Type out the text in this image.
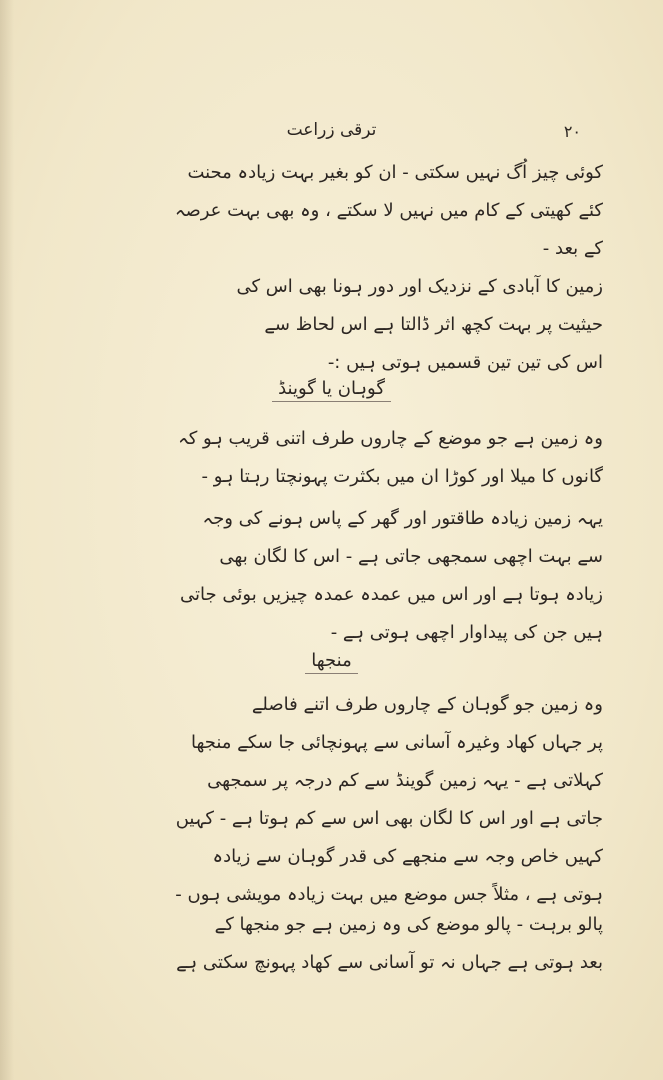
۲۰
ترقی زراعت
کوئی چیز اُگ نہیں سکتی - ان کو بغیر بہت زیادہ محنت
کئے کھیتی کے کام میں نہیں لا سکتے ، وہ بھی بہت عرصہ
کے بعد -
زمین کا آبادی کے نزدیک اور دور ہونا بھی اس کی
حیثیت پر بہت کچھ اثر ڈالتا ہے اس لحاظ سے
اس کی تین تین قسمیں ہوتی ہیں :-
گوہان یا گوینڈ
وہ زمین ہے جو موضع کے چاروں طرف اتنی قریب ہو کہ
گانوں کا میلا اور کوڑا ان میں بکثرت پہونچتا رہتا ہو -
یہہ زمین زیادہ طاقتور اور گھر کے پاس ہونے کی وجہ
سے بہت اچھی سمجھی جاتی ہے - اس کا لگان بھی
زیادہ ہوتا ہے اور اس میں عمدہ عمدہ چیزیں بوئی جاتی
ہیں جن کی پیداوار اچھی ہوتی ہے -
منجھا
وہ زمین جو گوہان کے چاروں طرف اتنے فاصلے
پر جہاں کھاد وغیرہ آسانی سے پہونچائی جا سکے منجھا
کہلاتی ہے - یہہ زمین گوینڈ سے کم درجہ پر سمجھی
جاتی ہے اور اس کا لگان بھی اس سے کم ہوتا ہے - کہیں
کہیں خاص وجہ سے منجھے کی قدر گوہان سے زیادہ
ہوتی ہے ، مثلاً جس موضع میں بہت زیادہ مویشی ہوں -
پالو برہت - پالو موضع کی وہ زمین ہے جو منجھا کے
بعد ہوتی ہے جہاں نہ تو آسانی سے کھاد پہونچ سکتی ہے
